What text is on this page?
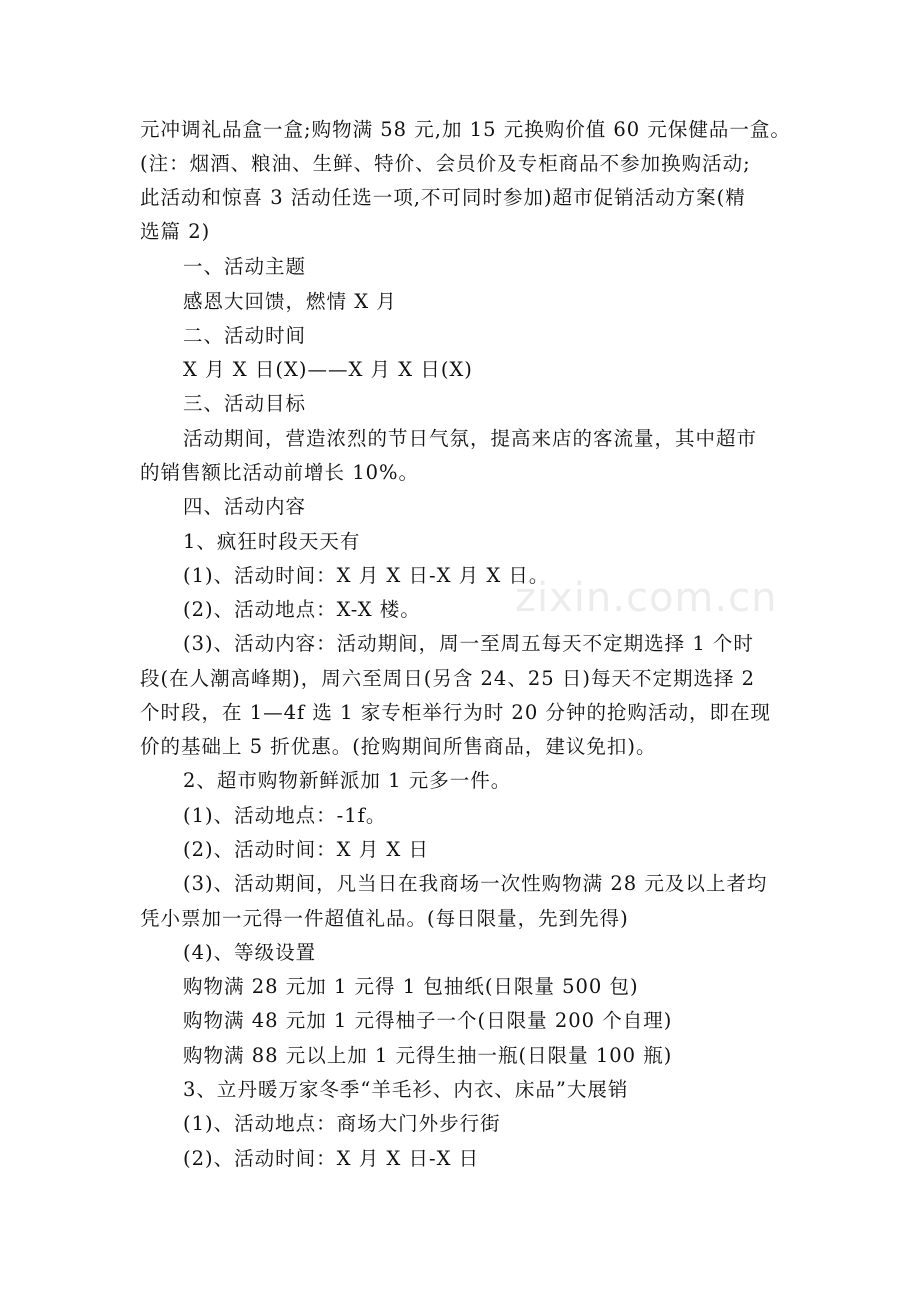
zixin.com.cn
元冲调礼品盒一盒;购物满 58 元,加 15 元换购价值 60 元保健品一盒。
(注：烟酒、粮油、生鲜、特价、会员价及专柜商品不参加换购活动;
此活动和惊喜 3 活动任选一项,不可同时参加)超市促销活动方案(精
选篇 2)
一、活动主题
感恩大回馈，燃情 X 月
二、活动时间
X 月 X 日(X)——X 月 X 日(X)
三、活动目标
活动期间，营造浓烈的节日气氛，提高来店的客流量，其中超市
的销售额比活动前增长 10%。
四、活动内容
1、疯狂时段天天有
(1)、活动时间：X 月 X 日-X 月 X 日。
(2)、活动地点：X-X 楼。
(3)、活动内容：活动期间，周一至周五每天不定期选择 1 个时
段(在人潮高峰期)，周六至周日(另含 24、25 日)每天不定期选择 2
个时段，在 1—4f 选 1 家专柜举行为时 20 分钟的抢购活动，即在现
价的基础上 5 折优惠。(抢购期间所售商品，建议免扣)。
2、超市购物新鲜派加 1 元多一件。
(1)、活动地点：-1f。
(2)、活动时间：X 月 X 日
(3)、活动期间，凡当日在我商场一次性购物满 28 元及以上者均
凭小票加一元得一件超值礼品。(每日限量，先到先得)
(4)、等级设置
购物满 28 元加 1 元得 1 包抽纸(日限量 500 包)
购物满 48 元加 1 元得柚子一个(日限量 200 个自理)
购物满 88 元以上加 1 元得生抽一瓶(日限量 100 瓶)
3、立丹暖万家冬季“羊毛衫、内衣、床品”大展销
(1)、活动地点：商场大门外步行街
(2)、活动时间：X 月 X 日-X 日
